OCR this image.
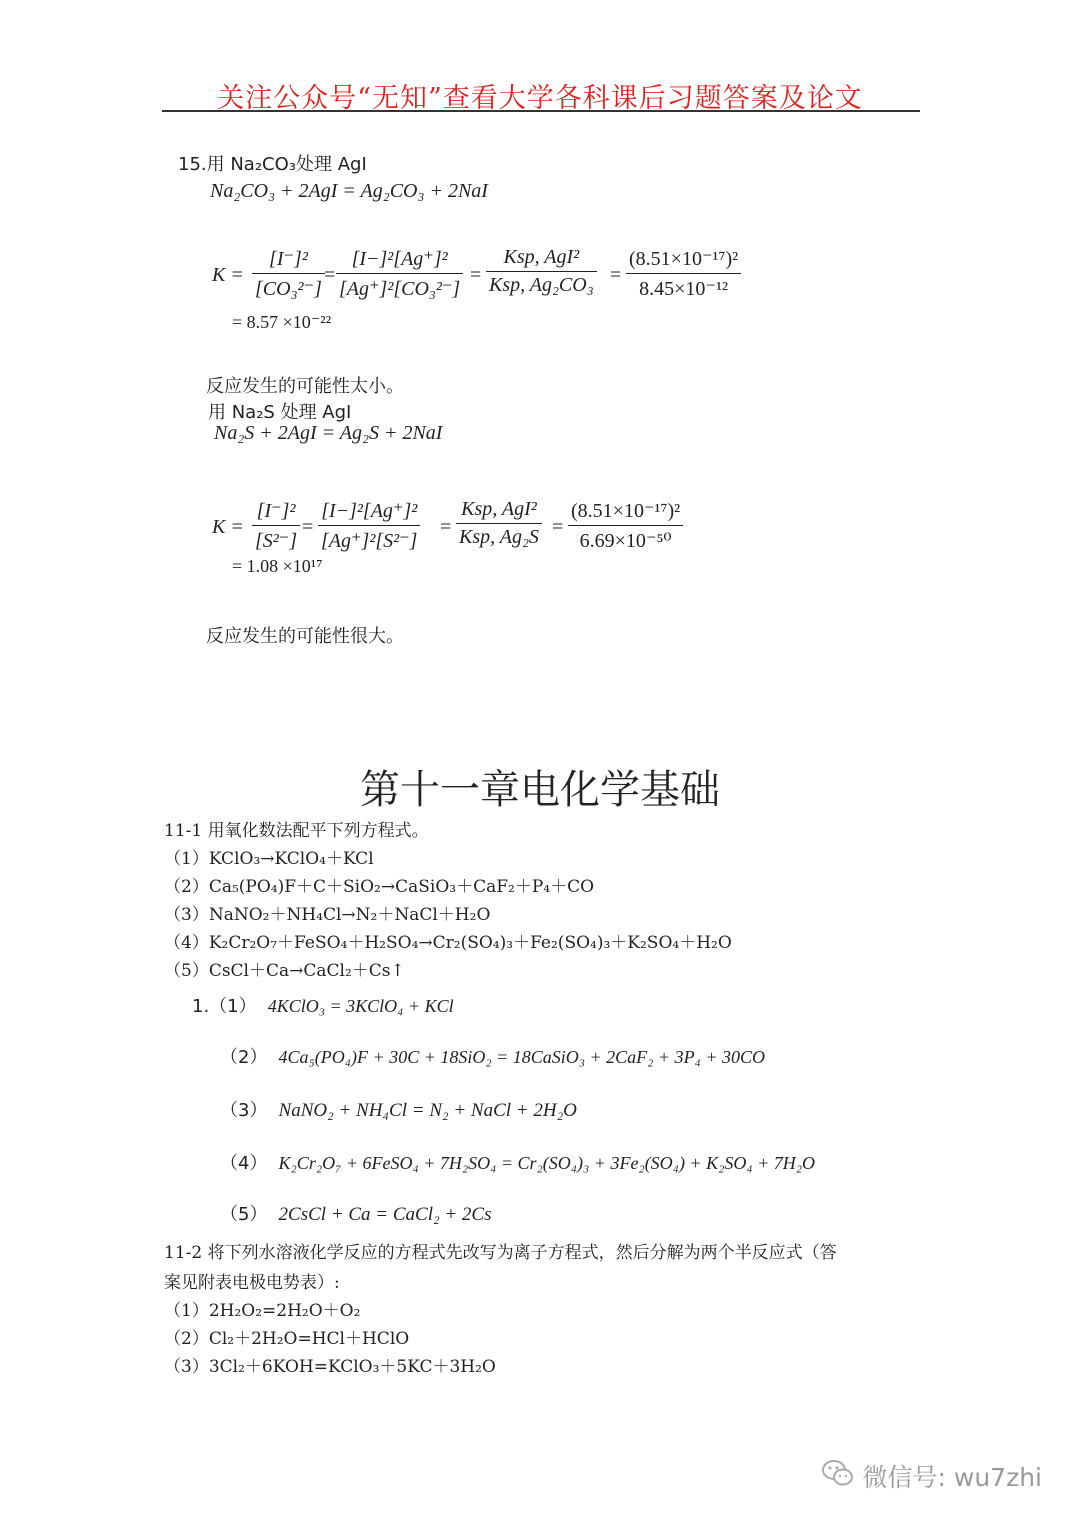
关注公众号“无知”查看大学各科课后习题答案及论文
15.用 Na₂CO₃处理 AgI
Na₂CO₃ + 2AgI = Ag₂CO₃ + 2NaI
$K = \frac{\text{[I⁻]²}}{\text{[CO₃²⁻]}} = \frac{\text{[I−]²[Ag⁺]²}}{\text{[Ag⁺]²[CO₃²⁻]}}$ =
Ksp, AgI²
Ksp, $Ag_2CO_3 = \frac{\text{(8.51×10⁻¹⁷)²}}{\text{8.45×10⁻¹²}}$
= 8.57 ×10⁻²²
反应发生的可能性太小。
用 Na₂S 处理 AgI
Na₂S + 2AgI = Ag₂S + 2NaI
$K = \frac{\text{[I⁻]²}}{\text{[S²⁻]}} = \frac{\text{[I−]²[Ag⁺]²}}{\text{[Ag⁺]²[S²⁻]}}$ =
Ksp, AgI²
Ksp, $Ag_2S = \frac{\text{(8.51×10⁻¹⁷)²}}{\text{6.69×10⁻⁵⁰}}$
= 1.08 ×10¹⁷
反应发生的可能性很大。
第十一章电化学基础
11-1 用氧化数法配平下列方程式。
（1）KClO₃→KClO₄＋KCl
（2）Ca₅(PO₄)F＋C＋SiO₂→CaSiO₃＋CaF₂＋P₄＋CO
（3）NaNO₂＋NH₄Cl→N₂＋NaCl＋H₂O
（4）K₂Cr₂O₇＋FeSO₄＋H₂SO₄→Cr₂(SO₄)₃＋Fe₂(SO₄)₃＋K₂SO₄＋H₂O
（5）CsCl＋Ca→CaCl₂＋Cs↑
1.（1） 4KClO₃ = 3KClO₄ + KCl
（2） 4Ca₅(PO₄)F + 30C + 18SiO₂ = 18CaSiO₃ + 2CaF₂ + 3P₄ + 30CO
（3） NaNO₂ + NH₄Cl = N₂ + NaCl + 2H₂O
（4） K₂Cr₂O₇ + 6FeSO₄ + 7H₂SO₄ = Cr₂(SO₄)₃ + 3Fe₂(SO₄) + K₂SO₄ + 7H₂O
（5） 2CsCl + Ca = CaCl₂ + 2Cs
11-2 将下列水溶液化学反应的方程式先改写为离子方程式，然后分解为两个半反应式（答
案见附表电极电势表）:
（1）2H₂O₂=2H₂O＋O₂
（2）Cl₂＋2H₂O=HCl＋HClO
（3）3Cl₂＋6KOH=KClO₃＋5KC＋3H₂O
微信号: wu7zhi
